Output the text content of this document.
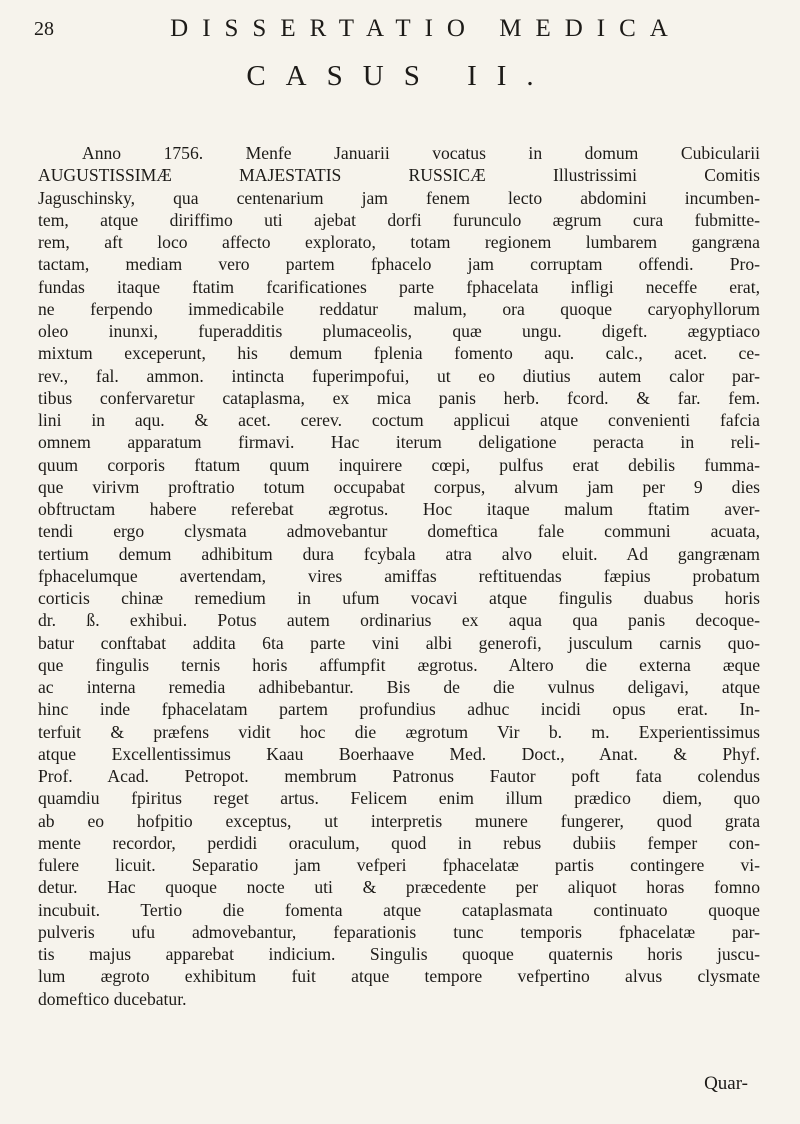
28	DISSERTATIO MEDICA
CASUS II.
Anno 1756. Menfe Januarii vocatus in domum Cubicularii
AUGUSTISSIMÆ MAJESTATIS RUSSICÆ Illustrissimi Comitis
Jaguschinsky, qua centenarium jam fenem lecto abdomini incumben-
tem, atque diriffimo uti ajebat dorfi furunculo ægrum cura fubmitte-
rem, aft loco affecto explorato, totam regionem lumbarem gangræna
tactam, mediam vero partem fphacelo jam corruptam offendi. Pro-
fundas itaque ftatim fcarificationes parte fphacelata infligi neceffe erat,
ne ferpendo immedicabile reddatur malum, ora quoque caryophyllorum
oleo inunxi, fuperadditis plumaceolis, quæ ungu. digeft. ægyptiaco
mixtum exceperunt, his demum fplenia fomento aqu. calc., acet. ce-
rev., fal. ammon. intincta fuperimpofui, ut eo diutius autem calor par-
tibus confervaretur cataplasma, ex mica panis herb. fcord. & far. fem.
lini in aqu. & acet. cerev. coctum applicui atque convenienti fafcia
omnem apparatum firmavi. Hac iterum deligatione peracta in reli-
quum corporis ftatum quum inquirere cœpi, pulfus erat debilis fumma-
que virivm proftratio totum occupabat corpus, alvum jam per 9 dies
obftructam habere referebat ægrotus. Hoc itaque malum ftatim aver-
tendi ergo clysmata admovebantur domeftica fale communi acuata,
tertium demum adhibitum dura fcybala atra alvo eluit. Ad gangrænam
fphacelumque avertendam, vires amiffas reftituendas fæpius probatum
corticis chinæ remedium in ufum vocavi atque fingulis duabus horis
dr. ß. exhibui. Potus autem ordinarius ex aqua qua panis decoque-
batur conftabat addita 6ta parte vini albi generofi, jusculum carnis quo-
que fingulis ternis horis affumpfit ægrotus. Altero die externa æque
ac interna remedia adhibebantur. Bis de die vulnus deligavi, atque
hinc inde fphacelatam partem profundius adhuc incidi opus erat. In-
terfuit & præfens vidit hoc die ægrotum Vir b. m. Experientissimus
atque Excellentissimus Kaau Boerhaave Med. Doct., Anat. & Phyf.
Prof. Acad. Petropot. membrum Patronus Fautor poft fata colendus
quamdiu fpiritus reget artus. Felicem enim illum prædico diem, quo
ab eo hofpitio exceptus, ut interpretis munere fungerer, quod grata
mente recordor, perdidi oraculum, quod in rebus dubiis femper con-
fulere licuit. Separatio jam vefperi fphacelatæ partis contingere vi-
detur. Hac quoque nocte uti & præcedente per aliquot horas fomno
incubuit. Tertio die fomenta atque cataplasmata continuato quoque
pulveris ufu admovebantur, feparationis tunc temporis fphacelatæ par-
tis majus apparebat indicium. Singulis quoque quaternis horis juscu-
lum ægroto exhibitum fuit atque tempore vefpertino alvus clysmate
domeftico ducebatur.
Quar-
